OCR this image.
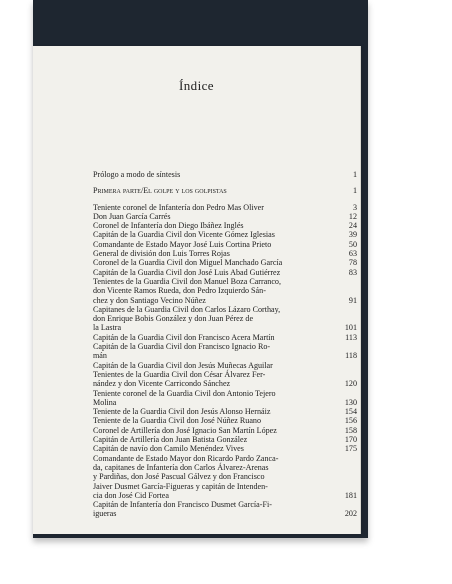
Índice
Prólogo a modo de síntesis	1
Primera parte/El golpe y los golpistas	1
Teniente coronel de Infantería don Pedro Mas Oliver	3
Don Juan García Carrés	12
Coronel de Infantería don Diego Ibáñez Inglés	24
Capitán de la Guardia Civil don Vicente Gómez Iglesias	39
Comandante de Estado Mayor José Luis Cortina Prieto	50
General de división don Luis Torres Rojas	63
Coronel de la Guardia Civil don Miguel Manchado García	78
Capitán de la Guardia Civil don José Luis Abad Gutiérrez	83
Tenientes de la Guardia Civil don Manuel Boza Carranco,
don Vicente Ramos Rueda, don Pedro Izquierdo Sán-
chez y don Santiago Vecino Núñez	91
Capitanes de la Guardia Civil don Carlos Lázaro Corthay,
don Enrique Bobis González y don Juan Pérez de
la Lastra	101
Capitán de la Guardia Civil don Francisco Acera Martín	113
Capitán de la Guardia Civil don Francisco Ignacio Ro-
mán	118
Capitán de la Guardia Civil don Jesús Muñecas Aguilar
Tenientes de la Guardia Civil don César Álvarez Fer-
nández y don Vicente Carricondo Sánchez	120
Teniente coronel de la Guardia Civil don Antonio Tejero
Molina	130
Teniente de la Guardia Civil don Jesús Alonso Hernáiz	154
Teniente de la Guardia Civil don José Núñez Ruano	156
Coronel de Artillería don José Ignacio San Martín López	158
Capitán de Artillería don Juan Batista González	170
Capitán de navío don Camilo Menéndez Vives	175
Comandante de Estado Mayor don Ricardo Pardo Zanca-
da, capitanes de Infantería don Carlos Álvarez-Arenas
y Pardiñas, don José Pascual Gálvez y don Francisco
Jaiver Dusmet García-Figueras y capitán de Intenden-
cia don José Cid Fortea	181
Capitán de Infantería don Francisco Dusmet García-Fi-
igueras	202
